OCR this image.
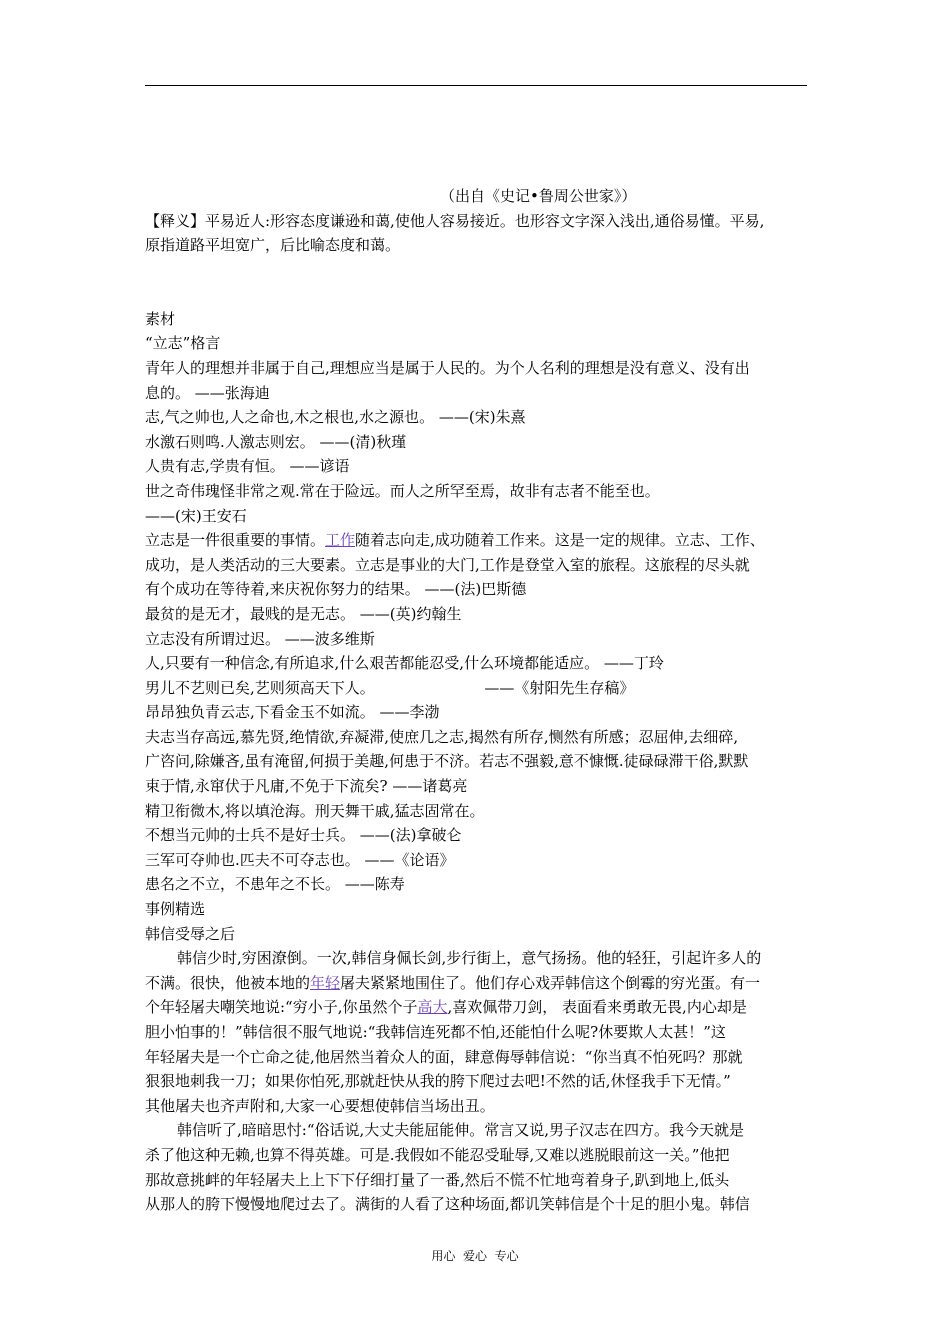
（出自《史记•鲁周公世家》）
【释义】平易近人:形容态度谦逊和蔼,使他人容易接近。也形容文字深入浅出,通俗易懂。平易,
原指道路平坦宽广，后比喻态度和蔼。
素材
“立志”格言
青年人的理想并非属于自己,理想应当是属于人民的。为个人名利的理想是没有意义、没有出
息的。 ——张海迪
志,气之帅也,人之命也,木之根也,水之源也。 ——(宋)朱熹
水激石则鸣.人激志则宏。 ——(清)秋瑾
人贵有志,学贵有恒。 ——谚语
世之奇伟瑰怪非常之观.常在于险远。而人之所罕至焉，故非有志者不能至也。
——(宋)王安石
立志是一件很重要的事情。工作随着志向走,成功随着工作来。这是一定的规律。立志、工作、
成功，是人类活动的三大要素。立志是事业的大门,工作是登堂入室的旅程。这旅程的尽头就
有个成功在等待着,来庆祝你努力的结果。 ——(法)巴斯德
最贫的是无才，最贱的是无志。 ——(英)约翰生
立志没有所谓过迟。 ——波多维斯
人,只要有一种信念,有所追求,什么艰苦都能忍受,什么环境都能适应。 ——丁玲
男儿不艺则已矣,艺则须高天下人。                       ——《射阳先生存稿》
昂昂独负青云志,下看金玉不如流。 ——李渤
夫志当存高远,慕先贤,绝情欲,弃凝滞,使庶几之志,揭然有所存,恻然有所感；忍屈伸,去细碎,
广咨问,除嫌吝,虽有淹留,何损于美趣,何患于不济。若志不强毅,意不慷慨.徒碌碌滞干俗,默默
束于情,永窜伏于凡庸,不免于下流矣? ——诸葛亮
精卫衔微木,将以填沧海。刑天舞干戚,猛志固常在。
不想当元帅的士兵不是好士兵。 ——(法)拿破仑
三军可夺帅也.匹夫不可夺志也。 ——《论语》
患名之不立，不患年之不长。 ——陈寿
事例精选
韩信受辱之后
韩信少时,穷困潦倒。一次,韩信身佩长剑,步行街上，意气扬扬。他的轻狂，引起许多人的
不满。很快，他被本地的年轻屠夫紧紧地围住了。他们存心戏弄韩信这个倒霉的穷光蛋。有一
个年轻屠夫嘲笑地说:“穷小子,你虽然个子高大,喜欢佩带刀剑， 表面看来勇敢无畏,内心却是
胆小怕事的！”韩信很不服气地说:“我韩信连死都不怕,还能怕什么呢?休要欺人太甚！”这
年轻屠夫是一个亡命之徒,他居然当着众人的面，肆意侮辱韩信说：“你当真不怕死吗？那就
狠狠地刺我一刀；如果你怕死,那就赶快从我的胯下爬过去吧!不然的话,休怪我手下无情。”
其他屠夫也齐声附和,大家一心要想使韩信当场出丑。
韩信听了,暗暗思忖:“俗话说,大丈夫能屈能伸。常言又说,男子汉志在四方。我今天就是
杀了他这种无赖,也算不得英雄。可是.我假如不能忍受耻辱,又难以逃脱眼前这一关。”他把
那故意挑衅的年轻屠夫上上下下仔细打量了一番,然后不慌不忙地弯着身子,趴到地上,低头
从那人的胯下慢慢地爬过去了。满街的人看了这种场面,都讥笑韩信是个十足的胆小鬼。韩信
用心  爱心  专心
